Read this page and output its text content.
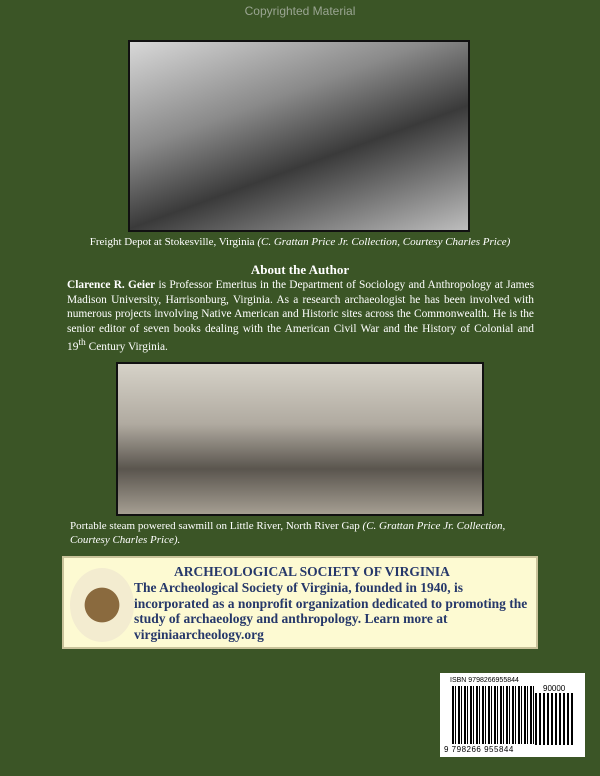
Copyrighted Material
Freight Depot at Stokesville, Virginia (C. Grattan Price Jr. Collection, Courtesy Charles Price)
About the Author
Clarence R. Geier is Professor Emeritus in the Department of Sociology and Anthropology at James Madison University, Harrisonburg, Virginia. As a research archaeologist he has been involved with numerous projects involving Native American and Historic sites across the Commonwealth. He is the senior editor of seven books dealing with the American Civil War and the History of Colonial and 19th Century Virginia.
Portable steam powered sawmill on Little River, North River Gap (C. Grattan Price Jr. Collection, Courtesy Charles Price).
ARCHEOLOGICAL SOCIETY OF VIRGINIA
The Archeological Society of Virginia, founded in 1940, is incorporated as a nonprofit organization dedicated to promoting the study of archaeology and anthropology. Learn more at virginiaarcheology.org
ISBN 9798266955844
90000
9 798266 955844
